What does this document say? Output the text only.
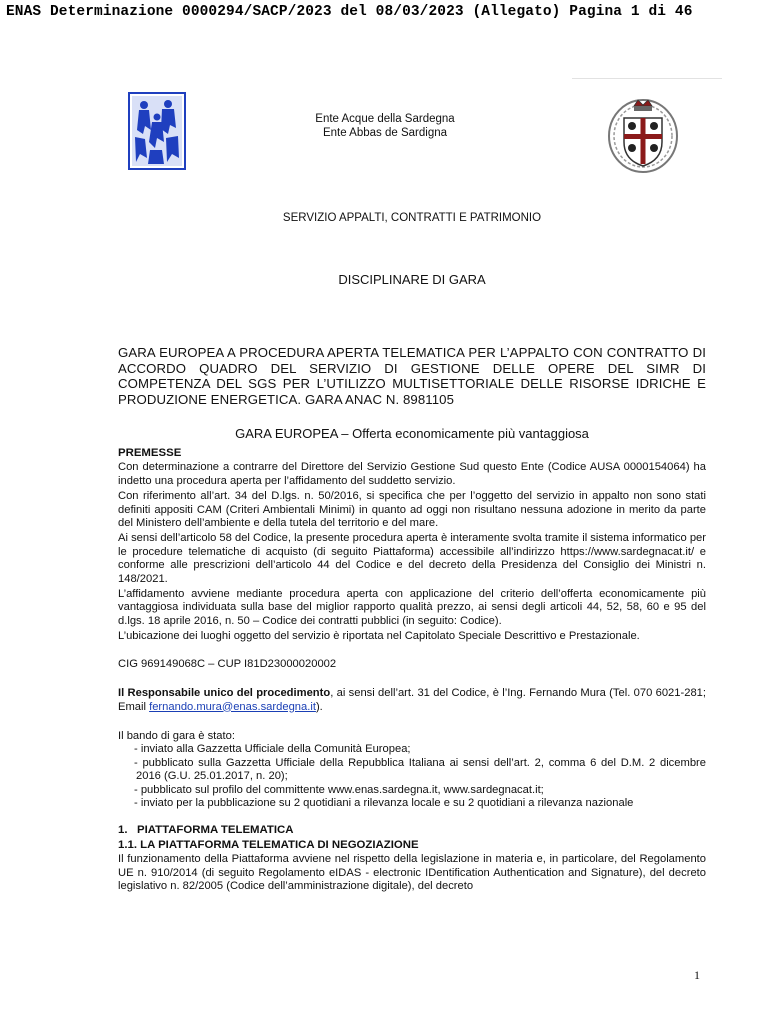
ENAS Determinazione 0000294/SACP/2023 del 08/03/2023 (Allegato) Pagina 1 di 46
Ente Acque della Sardegna
Ente Abbas de Sardigna
SERVIZIO APPALTI, CONTRATTI E PATRIMONIO
DISCIPLINARE DI GARA
GARA EUROPEA A PROCEDURA APERTA TELEMATICA PER L’APPALTO CON CONTRATTO DI ACCORDO QUADRO DEL SERVIZIO DI GESTIONE DELLE OPERE DEL SIMR DI COMPETENZA DEL SGS PER L’UTILIZZO MULTISETTORIALE DELLE RISORSE IDRICHE E PRODUZIONE ENERGETICA. GARA ANAC N. 8981105
GARA EUROPEA – Offerta economicamente più vantaggiosa

PREMESSE

Con determinazione a contrarre del Direttore del Servizio Gestione Sud questo Ente (Codice AUSA 0000154064) ha indetto una procedura aperta per l’affidamento del suddetto servizio.

Con riferimento all’art. 34 del D.lgs. n. 50/2016, si specifica che per l’oggetto del servizio in appalto non sono stati definiti appositi CAM (Criteri Ambientali Minimi) in quanto ad oggi non risultano nessuna adozione in merito da parte del Ministero dell’ambiente e della tutela del territorio e del mare.

Ai sensi dell’articolo 58 del Codice, la presente procedura aperta è interamente svolta tramite il sistema informatico per le procedure telematiche di acquisto (di seguito Piattaforma) accessibile all’indirizzo https://www.sardegnacat.it/ e conforme alle prescrizioni dell’articolo 44 del Codice e del decreto della Presidenza del Consiglio dei Ministri n. 148/2021.

L’affidamento avviene mediante procedura aperta con applicazione del criterio dell’offerta economicamente più vantaggiosa individuata sulla base del miglior rapporto qualità prezzo, ai sensi degli articoli 44, 52, 58, 60 e 95 del d.lgs. 18 aprile 2016, n. 50 – Codice dei contratti pubblici (in seguito: Codice).

L’ubicazione dei luoghi oggetto del servizio è riportata nel Capitolato Speciale Descrittivo e Prestazionale.

CIG 969149068C – CUP I81D23000020002

Il Responsabile unico del procedimento, ai sensi dell’art. 31 del Codice, è l’Ing. Fernando Mura (Tel. 070 6021-281; Email fernando.mura@enas.sardegna.it).

Il bando di gara è stato:

- inviato alla Gazzetta Ufficiale della Comunità Europea;
- pubblicato sulla Gazzetta Ufficiale della Repubblica Italiana ai sensi dell’art. 2, comma 6 del D.M. 2 dicembre 2016 (G.U. 25.01.2017, n. 20);
- pubblicato sul profilo del committente www.enas.sardegna.it, www.sardegnacat.it;
- inviato per la pubblicazione su 2 quotidiani a rilevanza locale e su 2 quotidiani a rilevanza nazionale

1.   PIATTAFORMA TELEMATICA

1.1. LA PIATTAFORMA TELEMATICA DI NEGOZIAZIONE

Il funzionamento della Piattaforma avviene nel rispetto della legislazione in materia e, in particolare, del Regolamento UE n. 910/2014 (di seguito Regolamento eIDAS - electronic IDentification Authentication and Signature), del decreto legislativo n. 82/2005 (Codice dell’amministrazione digitale), del decreto

1
